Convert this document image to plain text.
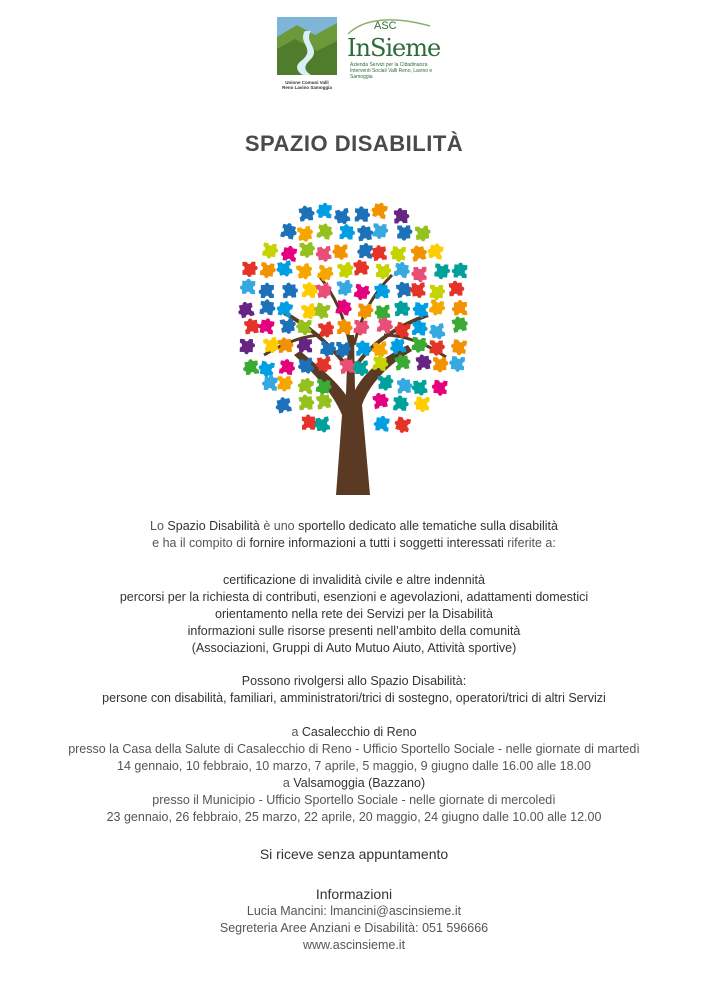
Unione Comuni Valli
Reno Lavino Samoggia
ASC
InSieme
Azienda Servizi per la Cittadinanza
Interventi Sociali Valli Reno, Lavino e Samoggia
SPAZIO DISABILITÀ

Lo Spazio Disabilità è uno sportello dedicato alle tematiche sulla disabilità

e ha il compito di fornire informazioni a tutti i soggetti interessati riferite a:

certificazione di invalidità civile e altre indennità

percorsi per la richiesta di contributi, esenzioni e agevolazioni, adattamenti domestici

orientamento nella rete dei Servizi per la Disabilità

informazioni sulle risorse presenti nell’ambito della comunità

(Associazioni, Gruppi di Auto Mutuo Aiuto, Attività sportive)

Possono rivolgersi allo Spazio Disabilità:

persone con disabilità, familiari, amministratori/trici di sostegno, operatori/trici di altri Servizi

a Casalecchio di Reno

presso la Casa della Salute di Casalecchio di Reno - Ufficio Sportello Sociale - nelle giornate di martedì

14 gennaio, 10 febbraio, 10 marzo, 7 aprile, 5 maggio, 9 giugno dalle 16.00 alle 18.00

a Valsamoggia (Bazzano)

presso il Municipio - Ufficio Sportello Sociale - nelle giornate di mercoledì

23 gennaio, 26 febbraio, 25 marzo, 22 aprile, 20 maggio, 24 giugno dalle 10.00 alle 12.00

Si riceve senza appuntamento

Informazioni

Lucia Mancini: lmancini@ascinsieme.it

Segreteria Aree Anziani e Disabilità: 051 596666

www.ascinsieme.it
